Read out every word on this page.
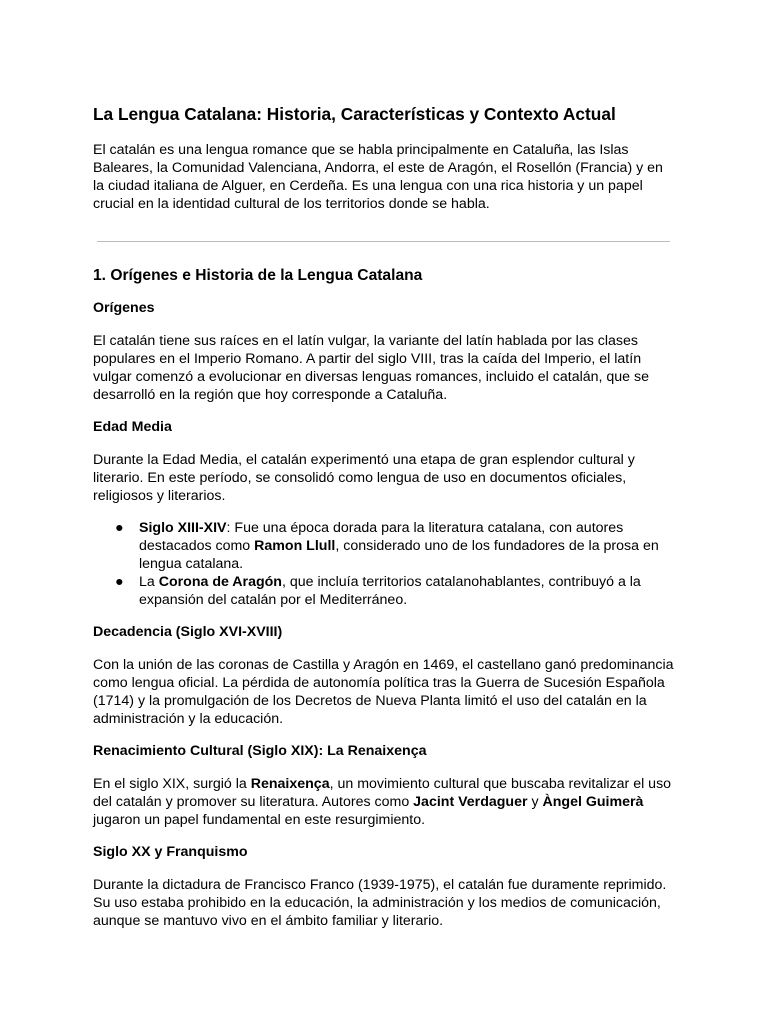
La Lengua Catalana: Historia, Características y Contexto Actual

El catalán es una lengua romance que se habla principalmente en Cataluña, las Islas Baleares, la Comunidad Valenciana, Andorra, el este de Aragón, el Rosellón (Francia) y en la ciudad italiana de Alguer, en Cerdeña. Es una lengua con una rica historia y un papel crucial en la identidad cultural de los territorios donde se habla.

1. Orígenes e Historia de la Lengua Catalana
Orígenes

El catalán tiene sus raíces en el latín vulgar, la variante del latín hablada por las clases populares en el Imperio Romano. A partir del siglo VIII, tras la caída del Imperio, el latín vulgar comenzó a evolucionar en diversas lenguas romances, incluido el catalán, que se desarrolló en la región que hoy corresponde a Cataluña.

Edad Media

Durante la Edad Media, el catalán experimentó una etapa de gran esplendor cultural y literario. En este período, se consolidó como lengua de uso en documentos oficiales, religiosos y literarios.

● Siglo XIII-XIV: Fue una época dorada para la literatura catalana, con autores destacados como Ramon Llull, considerado uno de los fundadores de la prosa en lengua catalana.
● La Corona de Aragón, que incluía territorios catalanohablantes, contribuyó a la expansión del catalán por el Mediterráneo.
Decadencia (Siglo XVI-XVIII)

Con la unión de las coronas de Castilla y Aragón en 1469, el castellano ganó predominancia como lengua oficial. La pérdida de autonomía política tras la Guerra de Sucesión Española (1714) y la promulgación de los Decretos de Nueva Planta limitó el uso del catalán en la administración y la educación.

Renacimiento Cultural (Siglo XIX): La Renaixença

En el siglo XIX, surgió la Renaixença, un movimiento cultural que buscaba revitalizar el uso del catalán y promover su literatura. Autores como Jacint Verdaguer y Àngel Guimerà jugaron un papel fundamental en este resurgimiento.

Siglo XX y Franquismo

Durante la dictadura de Francisco Franco (1939-1975), el catalán fue duramente reprimido. Su uso estaba prohibido en la educación, la administración y los medios de comunicación, aunque se mantuvo vivo en el ámbito familiar y literario.
